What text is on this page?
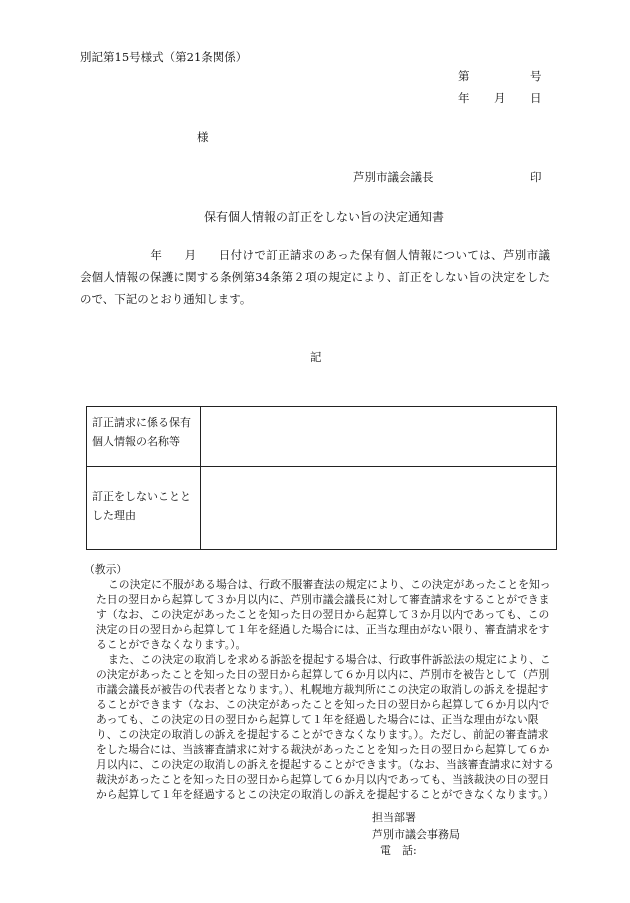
別記第15号様式（第21条関係）
第	号
年 月 日
様
芦別市議会議長	印
保有個人情報の訂正をしない旨の決定通知書
年 月 日付けで訂正請求のあった保有個人情報については、芦別市議会個人情報の保護に関する条例第34条第２項の規定により、訂正をしない旨の決定をしたので、下記のとおり通知します。
記
訂正請求に係る保有個人情報の名称等	
訂正をしないこととした理由	

（教示）

この決定に不服がある場合は、行政不服審査法の規定により、この決定があったことを知った日の翌日から起算して３か月以内に、芦別市議会議長に対して審査請求をすることができます（なお、この決定があったことを知った日の翌日から起算して３か月以内であっても、この決定の日の翌日から起算して１年を経過した場合には、正当な理由がない限り、審査請求をすることができなくなります。）。

また、この決定の取消しを求める訴訟を提起する場合は、行政事件訴訟法の規定により、この決定があったことを知った日の翌日から起算して６か月以内に、芦別市を被告として（芦別市議会議長が被告の代表者となります。）、札幌地方裁判所にこの決定の取消しの訴えを提起することができます（なお、この決定があったことを知った日の翌日から起算して６か月以内であっても、この決定の日の翌日から起算して１年を経過した場合には、正当な理由がない限り、この決定の取消しの訴えを提起することができなくなります。）。ただし、前記の審査請求をした場合には、当該審査請求に対する裁決があったことを知った日の翌日から起算して６か月以内に、この決定の取消しの訴えを提起することができます。（なお、当該審査請求に対する裁決があったことを知った日の翌日から起算して６か月以内であっても、当該裁決の日の翌日から起算して１年を経過するとこの決定の取消しの訴えを提起することができなくなります。）

担当部署
芦別市議会事務局
電　話:
